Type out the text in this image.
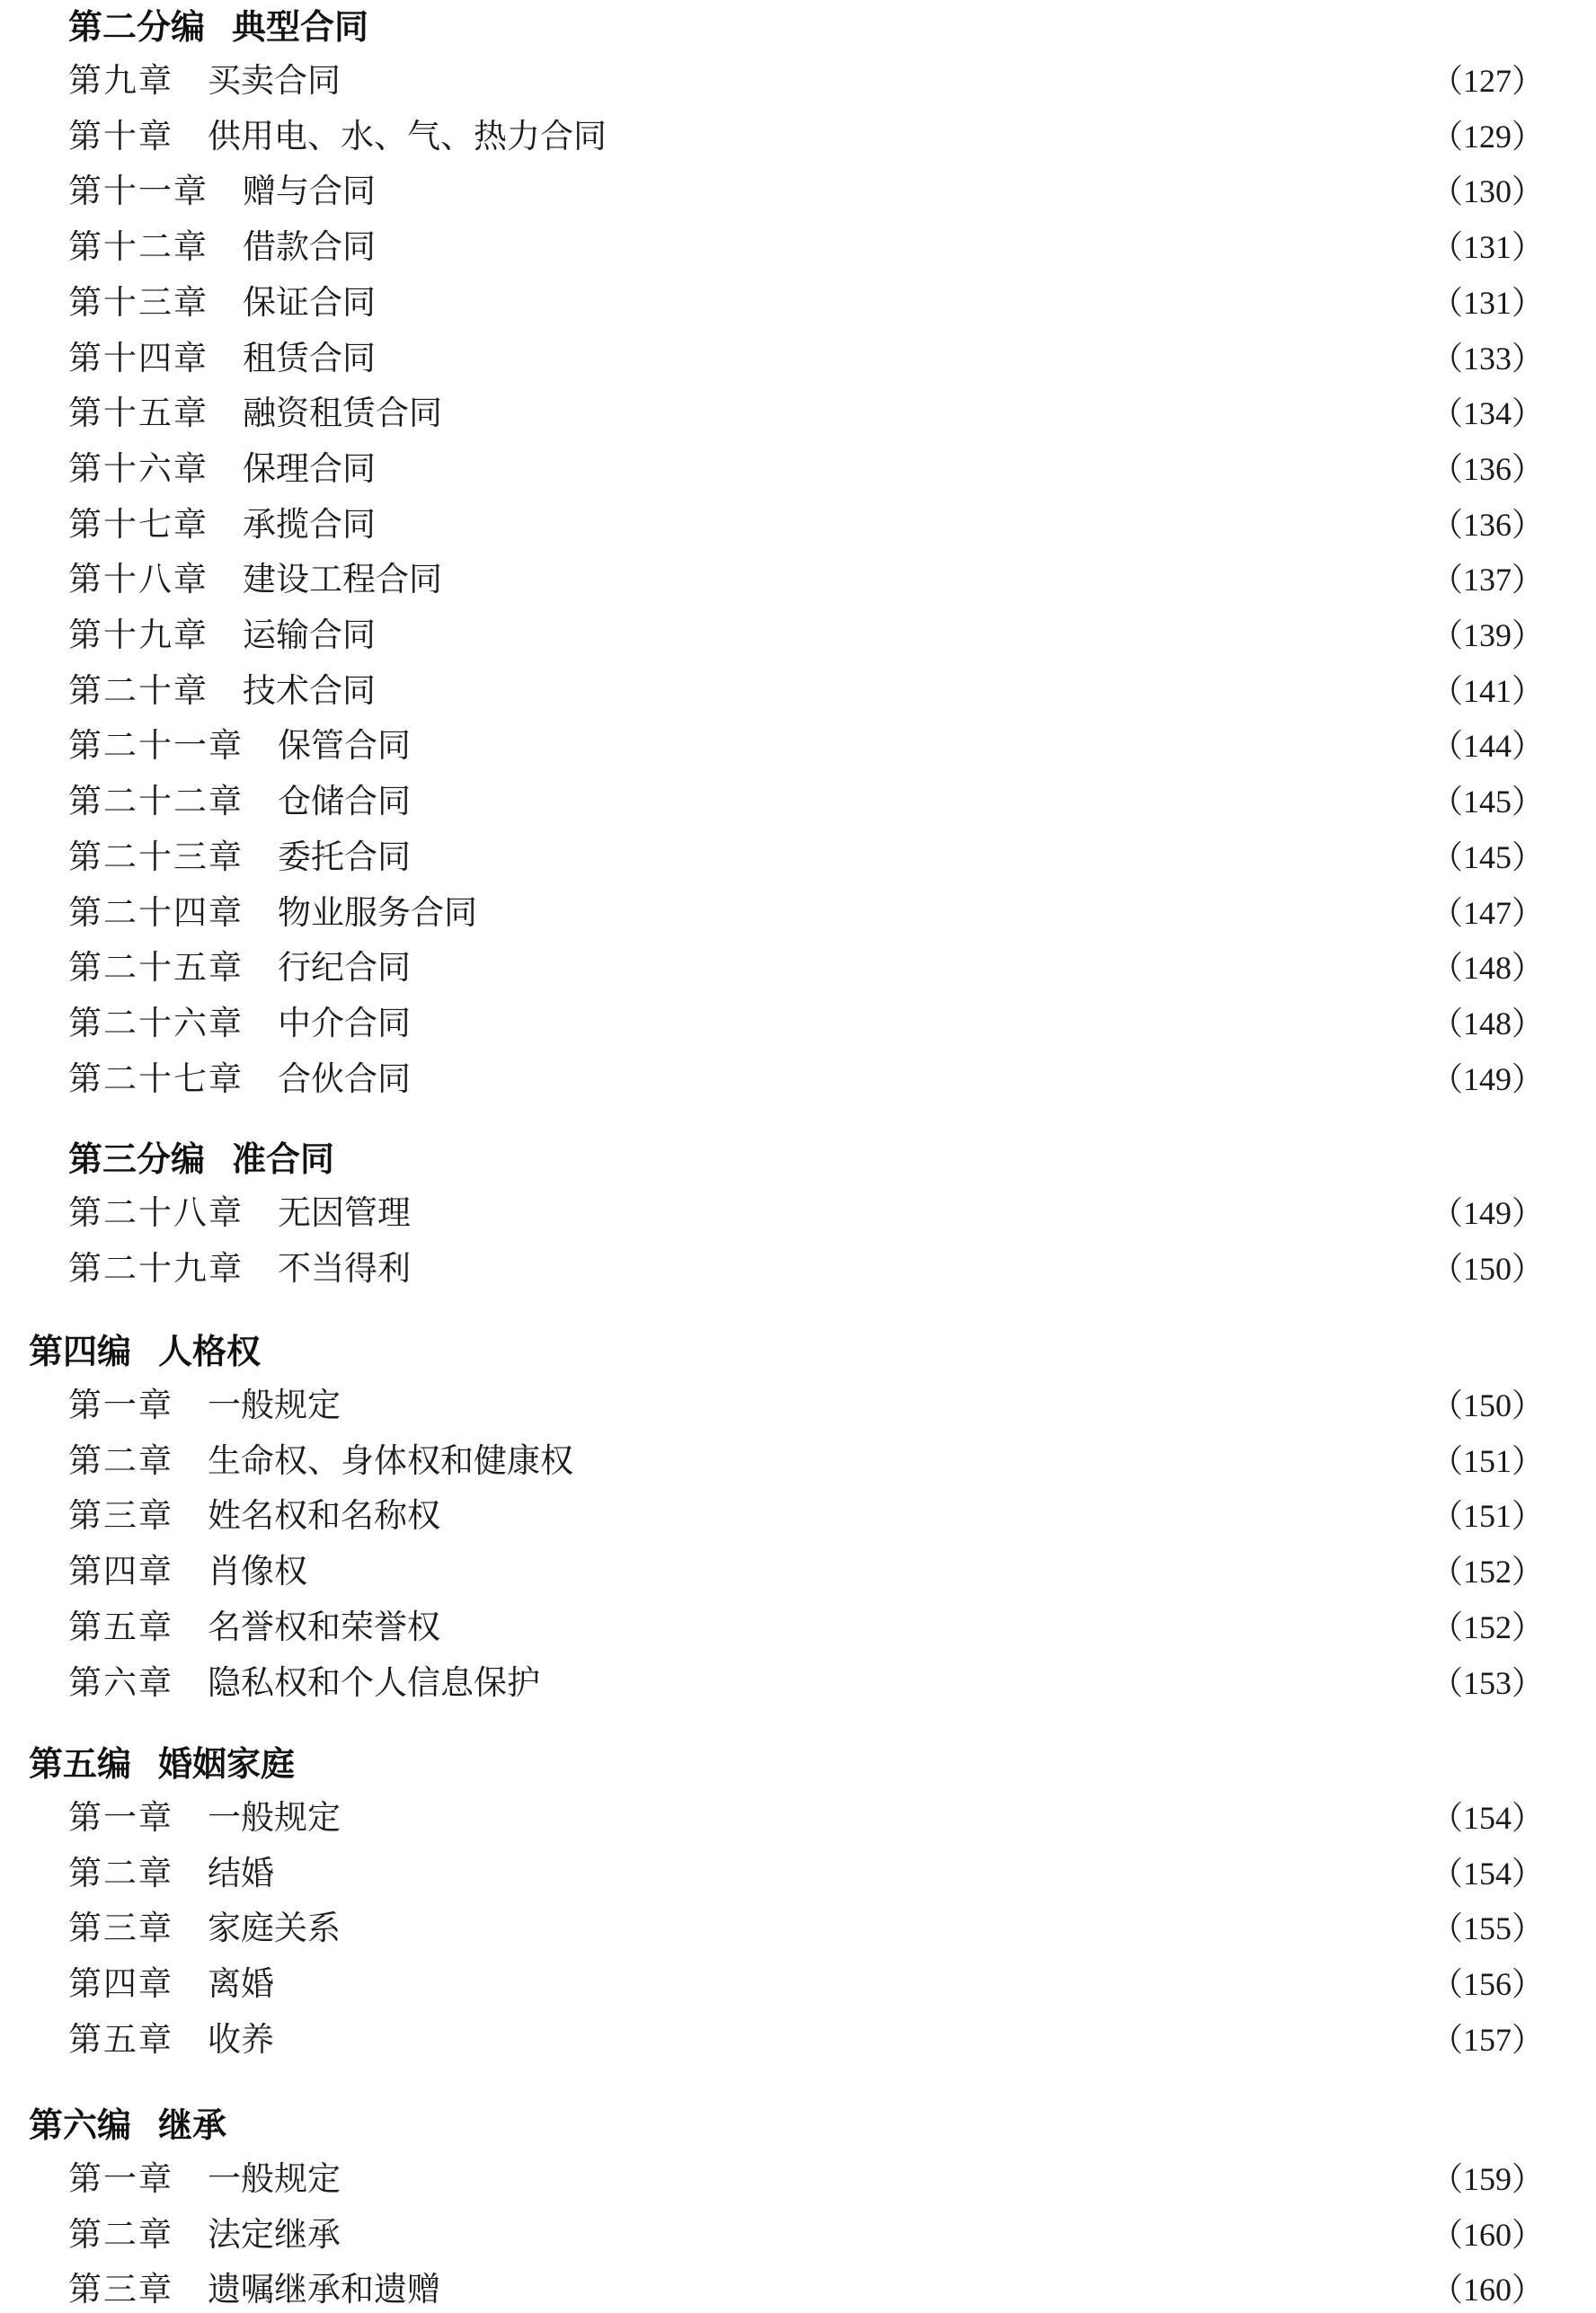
第二分编 典型合同
第九章 买卖合同	（127）
第十章 供用电、水、气、热力合同	（129）
第十一章 赠与合同	（130）
第十二章 借款合同	（131）
第十三章 保证合同	（131）
第十四章 租赁合同	（133）
第十五章 融资租赁合同	（134）
第十六章 保理合同	（136）
第十七章 承揽合同	（136）
第十八章 建设工程合同	（137）
第十九章 运输合同	（139）
第二十章 技术合同	（141）
第二十一章 保管合同	（144）
第二十二章 仓储合同	（145）
第二十三章 委托合同	（145）
第二十四章 物业服务合同	（147）
第二十五章 行纪合同	（148）
第二十六章 中介合同	（148）
第二十七章 合伙合同	（149）
第三分编 准合同
第二十八章 无因管理	（149）
第二十九章 不当得利	（150）
第四编 人格权
第一章 一般规定	（150）
第二章 生命权、身体权和健康权	（151）
第三章 姓名权和名称权	（151）
第四章 肖像权	（152）
第五章 名誉权和荣誉权	（152）
第六章 隐私权和个人信息保护	（153）
第五编 婚姻家庭
第一章 一般规定	（154）
第二章 结婚	（154）
第三章 家庭关系	（155）
第四章 离婚	（156）
第五章 收养	（157）
第六编 继承
第一章 一般规定	（159）
第二章 法定继承	（160）
第三章 遗嘱继承和遗赠	（160）
